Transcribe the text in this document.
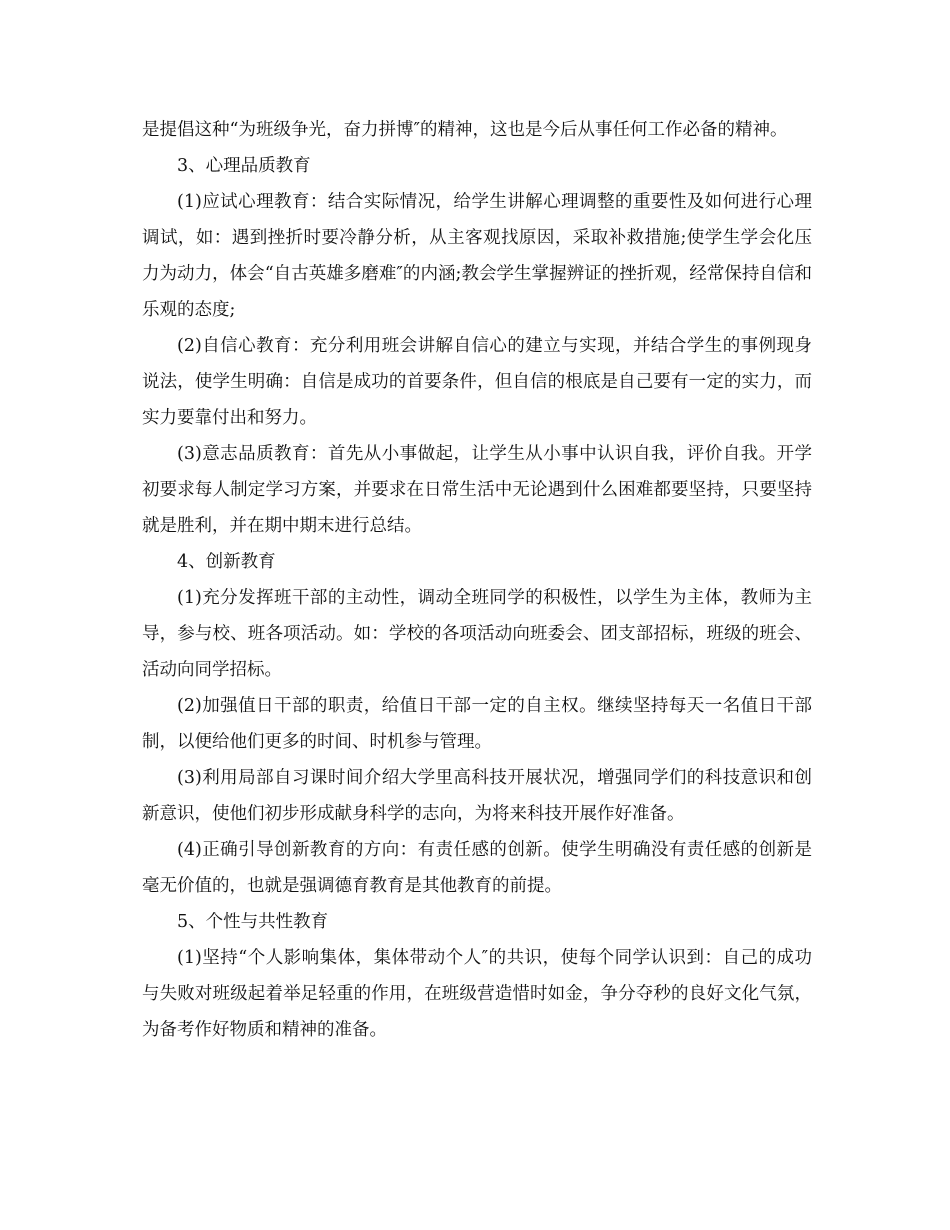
是提倡这种“为班级争光，奋力拼博″的精神，这也是今后从事任何工作必备的精神。

3、心理品质教育

(1)应试心理教育：结合实际情况，给学生讲解心理调整的重要性及如何进行心理调试，如：遇到挫折时要冷静分析，从主客观找原因，采取补救措施;使学生学会化压力为动力，体会“自古英雄多磨难″的内涵;教会学生掌握辨证的挫折观，经常保持自信和乐观的态度;

(2)自信心教育：充分利用班会讲解自信心的建立与实现，并结合学生的事例现身说法，使学生明确：自信是成功的首要条件，但自信的根底是自己要有一定的实力，而实力要靠付出和努力。

(3)意志品质教育：首先从小事做起，让学生从小事中认识自我，评价自我。开学初要求每人制定学习方案，并要求在日常生活中无论遇到什么困难都要坚持，只要坚持就是胜利，并在期中期末进行总结。

4、创新教育

(1)充分发挥班干部的主动性，调动全班同学的积极性，以学生为主体，教师为主导，参与校、班各项活动。如：学校的各项活动向班委会、团支部招标，班级的班会、活动向同学招标。

(2)加强值日干部的职责，给值日干部一定的自主权。继续坚持每天一名值日干部制，以便给他们更多的时间、时机参与管理。

(3)利用局部自习课时间介绍大学里高科技开展状况，增强同学们的科技意识和创新意识，使他们初步形成献身科学的志向，为将来科技开展作好准备。

(4)正确引导创新教育的方向：有责任感的创新。使学生明确没有责任感的创新是毫无价值的，也就是强调德育教育是其他教育的前提。

5、个性与共性教育

(1)坚持“个人影响集体，集体带动个人″的共识，使每个同学认识到：自己的成功与失败对班级起着举足轻重的作用，在班级营造惜时如金，争分夺秒的良好文化气氛，为备考作好物质和精神的准备。
